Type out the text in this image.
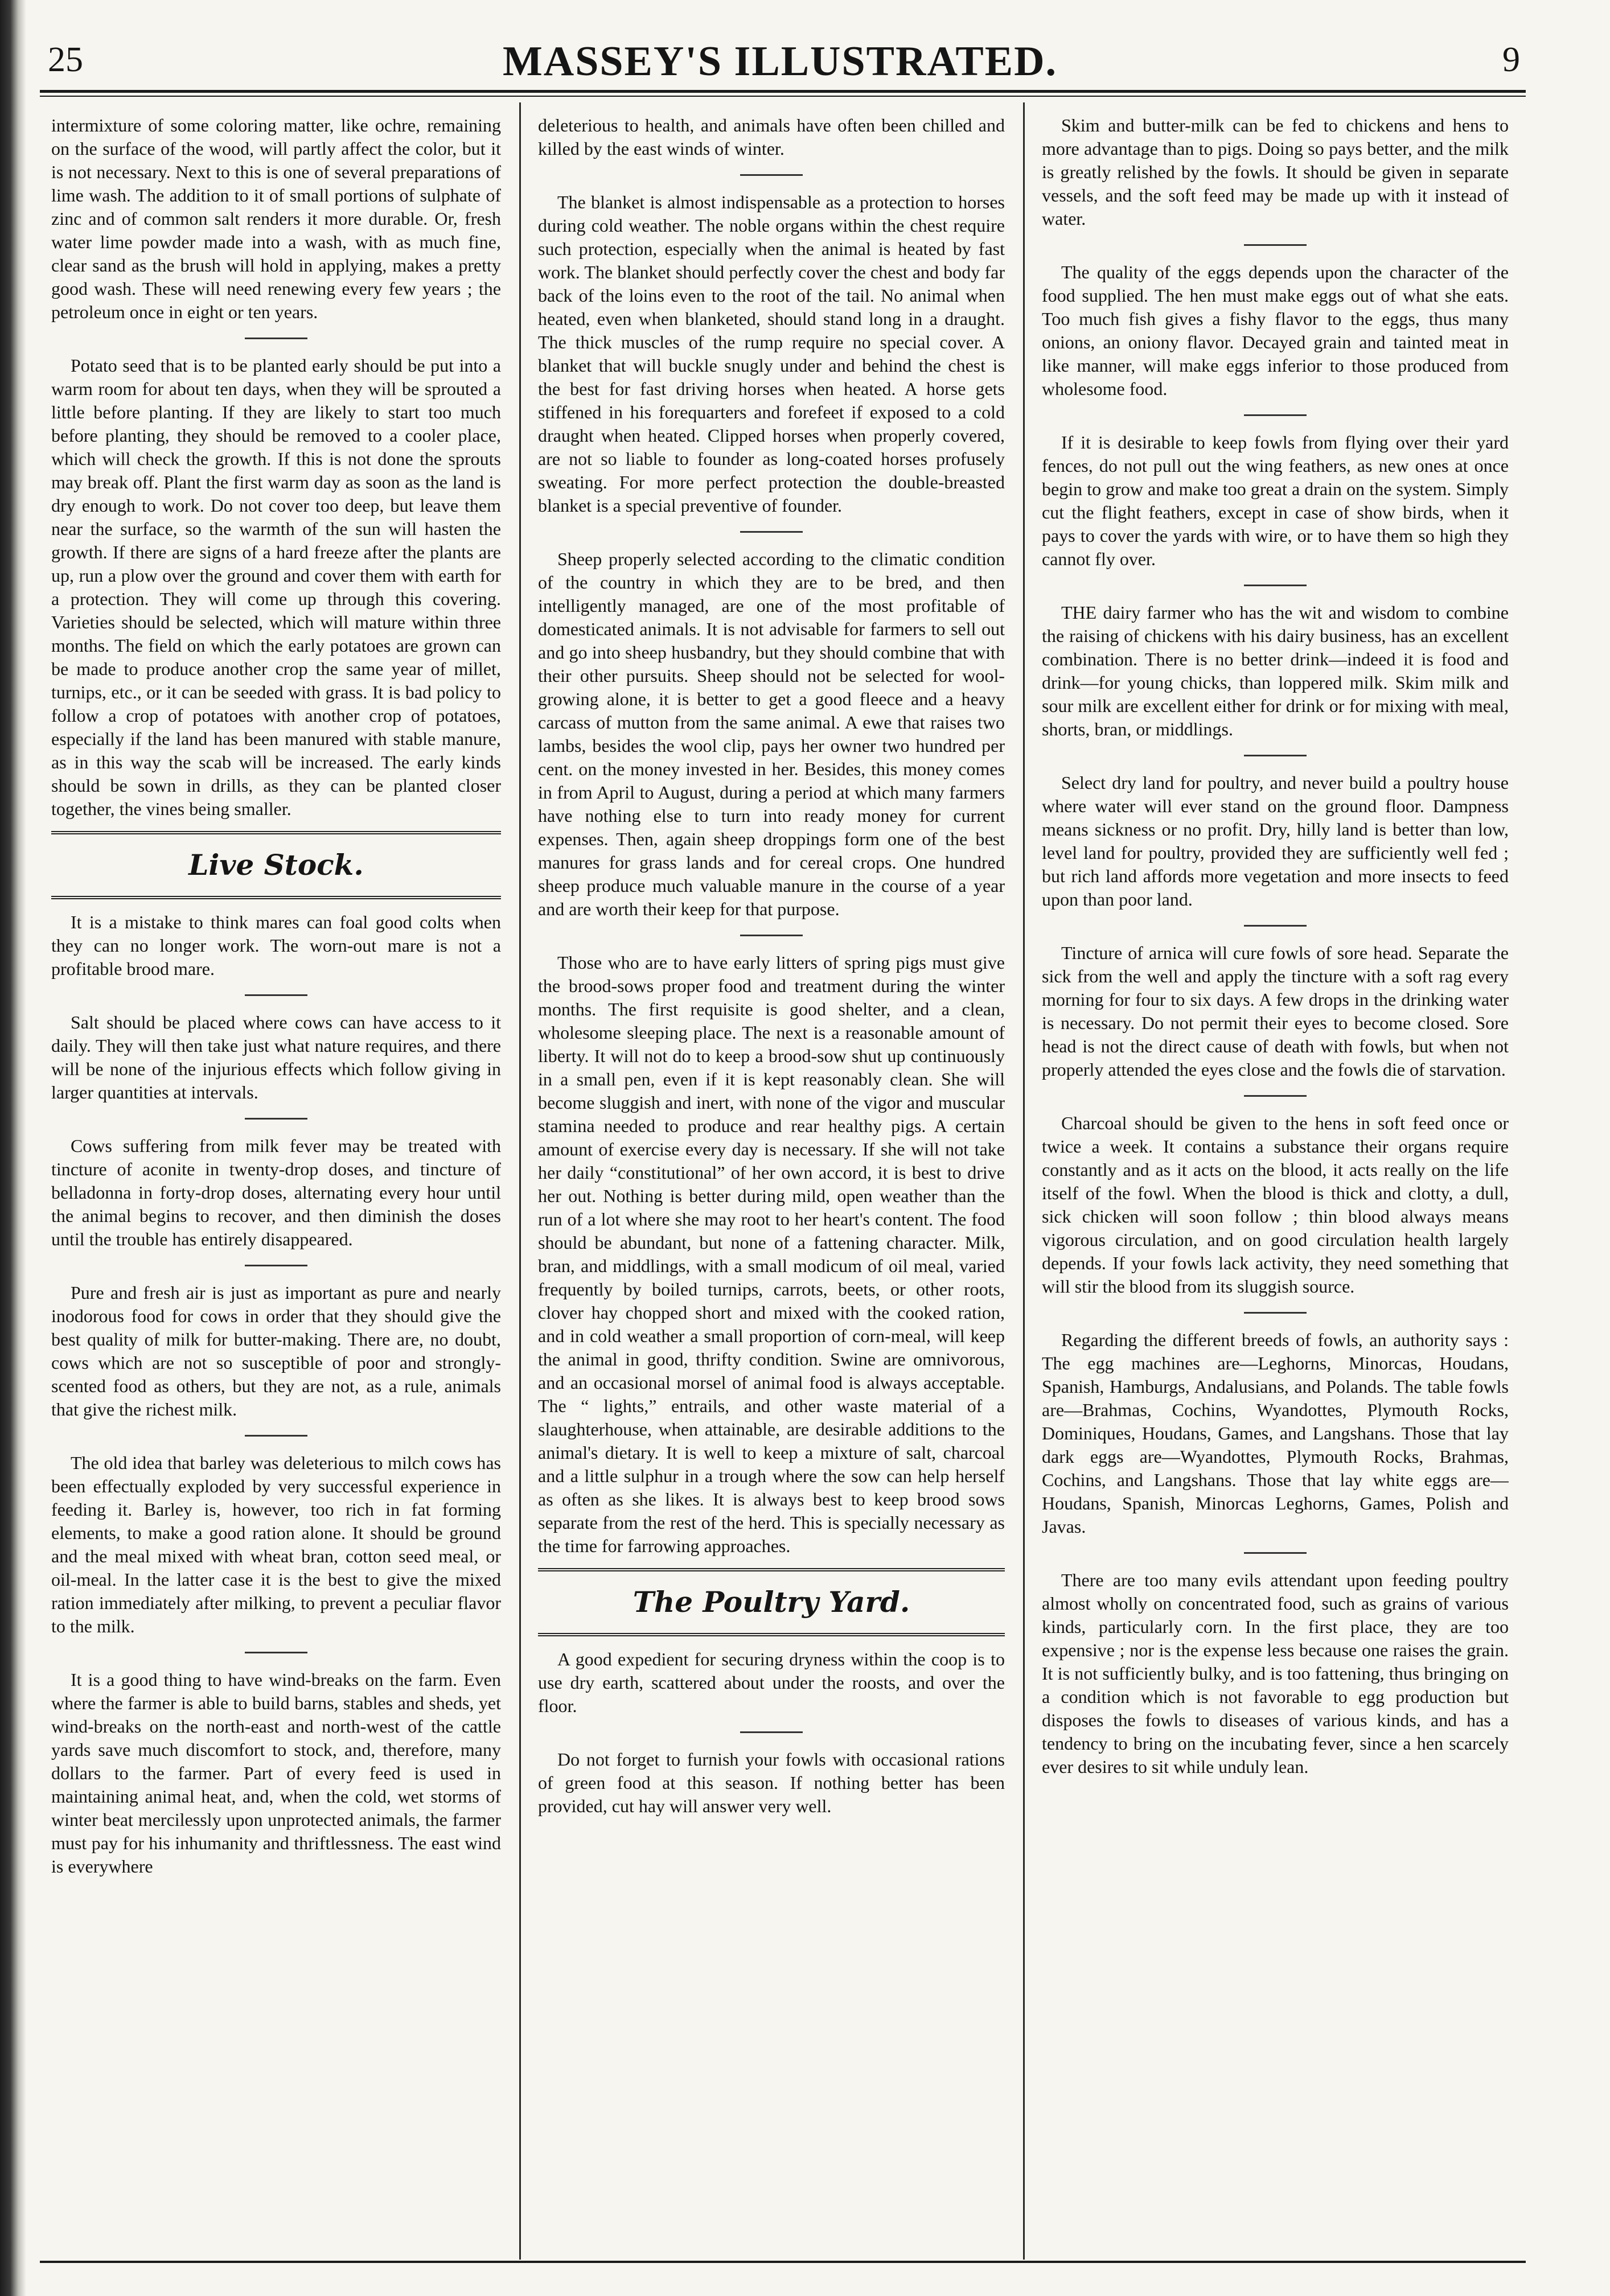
25	MASSEY'S ILLUSTRATED.	9

intermixture of some coloring matter, like ochre, remaining on the surface of the wood, will partly affect the color, but it is not necessary. Next to this is one of several preparations of lime wash. The addition to it of small portions of sulphate of zinc and of common salt renders it more durable. Or, fresh water lime powder made into a wash, with as much fine, clear sand as the brush will hold in applying, makes a pretty good wash. These will need renewing every few years ; the petroleum once in eight or ten years.

Potato seed that is to be planted early should be put into a warm room for about ten days, when they will be sprouted a little before planting. If they are likely to start too much before planting, they should be removed to a cooler place, which will check the growth. If this is not done the sprouts may break off. Plant the first warm day as soon as the land is dry enough to work. Do not cover too deep, but leave them near the surface, so the warmth of the sun will hasten the growth. If there are signs of a hard freeze after the plants are up, run a plow over the ground and cover them with earth for a protection. They will come up through this covering. Varieties should be selected, which will mature within three months. The field on which the early potatoes are grown can be made to produce another crop the same year of millet, turnips, etc., or it can be seeded with grass. It is bad policy to follow a crop of potatoes with another crop of potatoes, especially if the land has been manured with stable manure, as in this way the scab will be increased. The early kinds should be sown in drills, as they can be planted closer together, the vines being smaller.

Live Stock.

It is a mistake to think mares can foal good colts when they can no longer work. The worn-out mare is not a profitable brood mare.

Salt should be placed where cows can have access to it daily. They will then take just what nature requires, and there will be none of the injurious effects which follow giving in larger quantities at intervals.

Cows suffering from milk fever may be treated with tincture of aconite in twenty-drop doses, and tincture of belladonna in forty-drop doses, alternating every hour until the animal begins to recover, and then diminish the doses until the trouble has entirely disappeared.

Pure and fresh air is just as important as pure and nearly inodorous food for cows in order that they should give the best quality of milk for butter-making. There are, no doubt, cows which are not so susceptible of poor and strongly-scented food as others, but they are not, as a rule, animals that give the richest milk.

The old idea that barley was deleterious to milch cows has been effectually exploded by very successful experience in feeding it. Barley is, however, too rich in fat forming elements, to make a good ration alone. It should be ground and the meal mixed with wheat bran, cotton seed meal, or oil-meal. In the latter case it is the best to give the mixed ration immediately after milking, to prevent a peculiar flavor to the milk.

It is a good thing to have wind-breaks on the farm. Even where the farmer is able to build barns, stables and sheds, yet wind-breaks on the north-east and north-west of the cattle yards save much discomfort to stock, and, therefore, many dollars to the farmer. Part of every feed is used in maintaining animal heat, and, when the cold, wet storms of winter beat mercilessly upon unprotected animals, the farmer must pay for his inhumanity and thriftlessness. The east wind is everywhere

deleterious to health, and animals have often been chilled and killed by the east winds of winter.

The blanket is almost indispensable as a protection to horses during cold weather. The noble organs within the chest require such protection, especially when the animal is heated by fast work. The blanket should perfectly cover the chest and body far back of the loins even to the root of the tail. No animal when heated, even when blanketed, should stand long in a draught. The thick muscles of the rump require no special cover. A blanket that will buckle snugly under and behind the chest is the best for fast driving horses when heated. A horse gets stiffened in his forequarters and forefeet if exposed to a cold draught when heated. Clipped horses when properly covered, are not so liable to founder as long-coated horses profusely sweating. For more perfect protection the double-breasted blanket is a special preventive of founder.

Sheep properly selected according to the climatic condition of the country in which they are to be bred, and then intelligently managed, are one of the most profitable of domesticated animals. It is not advisable for farmers to sell out and go into sheep husbandry, but they should combine that with their other pursuits. Sheep should not be selected for wool-growing alone, it is better to get a good fleece and a heavy carcass of mutton from the same animal. A ewe that raises two lambs, besides the wool clip, pays her owner two hundred per cent. on the money invested in her. Besides, this money comes in from April to August, during a period at which many farmers have nothing else to turn into ready money for current expenses. Then, again sheep droppings form one of the best manures for grass lands and for cereal crops. One hundred sheep produce much valuable manure in the course of a year and are worth their keep for that purpose.

Those who are to have early litters of spring pigs must give the brood-sows proper food and treatment during the winter months. The first requisite is good shelter, and a clean, wholesome sleeping place. The next is a reasonable amount of liberty. It will not do to keep a brood-sow shut up continuously in a small pen, even if it is kept reasonably clean. She will become sluggish and inert, with none of the vigor and muscular stamina needed to produce and rear healthy pigs. A certain amount of exercise every day is necessary. If she will not take her daily “constitutional” of her own accord, it is best to drive her out. Nothing is better during mild, open weather than the run of a lot where she may root to her heart's content. The food should be abundant, but none of a fattening character. Milk, bran, and middlings, with a small modicum of oil meal, varied frequently by boiled turnips, carrots, beets, or other roots, clover hay chopped short and mixed with the cooked ration, and in cold weather a small proportion of corn-meal, will keep the animal in good, thrifty condition. Swine are omnivorous, and an occasional morsel of animal food is always acceptable. The “ lights,” entrails, and other waste material of a slaughterhouse, when attainable, are desirable additions to the animal's dietary. It is well to keep a mixture of salt, charcoal and a little sulphur in a trough where the sow can help herself as often as she likes. It is always best to keep brood sows separate from the rest of the herd. This is specially necessary as the time for farrowing approaches.

The Poultry Yard.

A good expedient for securing dryness within the coop is to use dry earth, scattered about under the roosts, and over the floor.

Do not forget to furnish your fowls with occasional rations of green food at this season. If nothing better has been provided, cut hay will answer very well.

Skim and butter-milk can be fed to chickens and hens to more advantage than to pigs. Doing so pays better, and the milk is greatly relished by the fowls. It should be given in separate vessels, and the soft feed may be made up with it instead of water.

The quality of the eggs depends upon the character of the food supplied. The hen must make eggs out of what she eats. Too much fish gives a fishy flavor to the eggs, thus many onions, an oniony flavor. Decayed grain and tainted meat in like manner, will make eggs inferior to those produced from wholesome food.

If it is desirable to keep fowls from flying over their yard fences, do not pull out the wing feathers, as new ones at once begin to grow and make too great a drain on the system. Simply cut the flight feathers, except in case of show birds, when it pays to cover the yards with wire, or to have them so high they cannot fly over.

THE dairy farmer who has the wit and wisdom to combine the raising of chickens with his dairy business, has an excellent combination. There is no better drink—indeed it is food and drink—for young chicks, than loppered milk. Skim milk and sour milk are excellent either for drink or for mixing with meal, shorts, bran, or middlings.

Select dry land for poultry, and never build a poultry house where water will ever stand on the ground floor. Dampness means sickness or no profit. Dry, hilly land is better than low, level land for poultry, provided they are sufficiently well fed ; but rich land affords more vegetation and more insects to feed upon than poor land.

Tincture of arnica will cure fowls of sore head. Separate the sick from the well and apply the tincture with a soft rag every morning for four to six days. A few drops in the drinking water is necessary. Do not permit their eyes to become closed. Sore head is not the direct cause of death with fowls, but when not properly attended the eyes close and the fowls die of starvation.

Charcoal should be given to the hens in soft feed once or twice a week. It contains a substance their organs require constantly and as it acts on the blood, it acts really on the life itself of the fowl. When the blood is thick and clotty, a dull, sick chicken will soon follow ; thin blood always means vigorous circulation, and on good circulation health largely depends. If your fowls lack activity, they need something that will stir the blood from its sluggish source.

Regarding the different breeds of fowls, an authority says : The egg machines are—Leghorns, Minorcas, Houdans, Spanish, Hamburgs, Andalusians, and Polands. The table fowls are—Brahmas, Cochins, Wyandottes, Plymouth Rocks, Dominiques, Houdans, Games, and Langshans. Those that lay dark eggs are—Wyandottes, Plymouth Rocks, Brahmas, Cochins, and Langshans. Those that lay white eggs are—Houdans, Spanish, Minorcas Leghorns, Games, Polish and Javas.

There are too many evils attendant upon feeding poultry almost wholly on concentrated food, such as grains of various kinds, particularly corn. In the first place, they are too expensive ; nor is the expense less because one raises the grain. It is not sufficiently bulky, and is too fattening, thus bringing on a condition which is not favorable to egg production but disposes the fowls to diseases of various kinds, and has a tendency to bring on the incubating fever, since a hen scarcely ever desires to sit while unduly lean.
